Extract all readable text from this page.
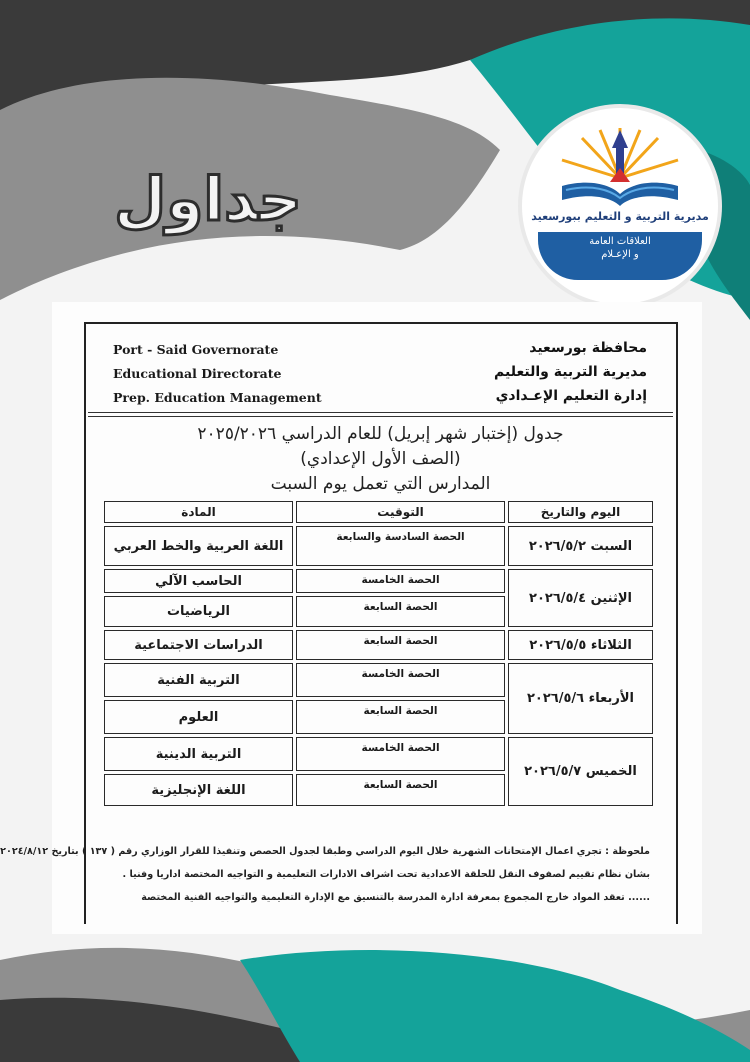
مديرية التربية و التعليم ببورسعيد
العلاقات العامة
و الإعـلام
جداول
Port - Said Governorate
Educational Directorate
Prep. Education Management
محافظة بورسعيد
مديرية التربية والتعليم
إدارة التعليم الإعـدادي
جدول (إختبار شهر إبريل) للعام الدراسي ٢٠٢٥/٢٠٢٦
(الصف الأول الإعدادي)
المدارس التي تعمل يوم السبت
اليوم والتاريخ	التوقيت	المادة
السبت ٢٠٢٦/٥/٢	الحصة السادسة والسابعة	اللغة العربية والخط العربي
الإثنين ٢٠٢٦/٥/٤	الحصة الخامسة	الحاسب الآلي
	الحصة السابعة	الرياضيات
الثلاثاء ٢٠٢٦/٥/٥	الحصة السابعة	الدراسات الاجتماعية
الأربعاء ٢٠٢٦/٥/٦	الحصة الخامسة	التربية الفنية
	الحصة السابعة	العلوم
الخميس ٢٠٢٦/٥/٧	الحصة الخامسة	التربية الدينية
	الحصة السابعة	اللغة الإنجليزية
ملحوظة : تجري اعمال الإمتحانات الشهرية خلال اليوم الدراسي وطبقا لجدول الحصص وتنفيذا للقرار الوزاري رقم ( ١٣٧ ) بتاريخ ٢٠٢٤/٨/١٢
بشان نظام تقييم لصفوف النقل للحلقة الاعدادية تحت اشراف الادارات التعليمية و التواجيه المختصة اداريا وفنيا .
...... تعقد المواد خارج المجموع بمعرفة ادارة المدرسة بالتنسيق مع الإدارة التعليمية والتواجيه الفنية المختصة
